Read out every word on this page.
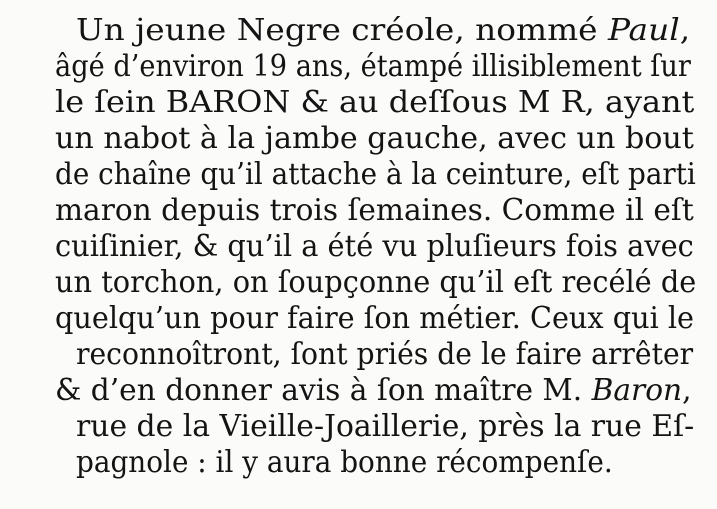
Un jeune Negre créole, nommé Paul,
âgé d’environ 19 ans, étampé illisiblement ſur
le ſein BARON & au deſſous M R, ayant
un nabot à la jambe gauche, avec un bout
de chaîne qu’il attache à la ceinture, eſt parti
maron depuis trois ſemaines. Comme il eſt
cuiſinier, & qu’il a été vu pluſieurs fois avec
un torchon, on ſoupçonne qu’il eſt recélé de
quelqu’un pour faire ſon métier. Ceux qui le
reconnoîtront, ſont priés de le faire arrêter
& d’en donner avis à ſon maître M. Baron,
rue de la Vieille-Joaillerie, près la rue Eſ-
pagnole : il y aura bonne récompenſe.
